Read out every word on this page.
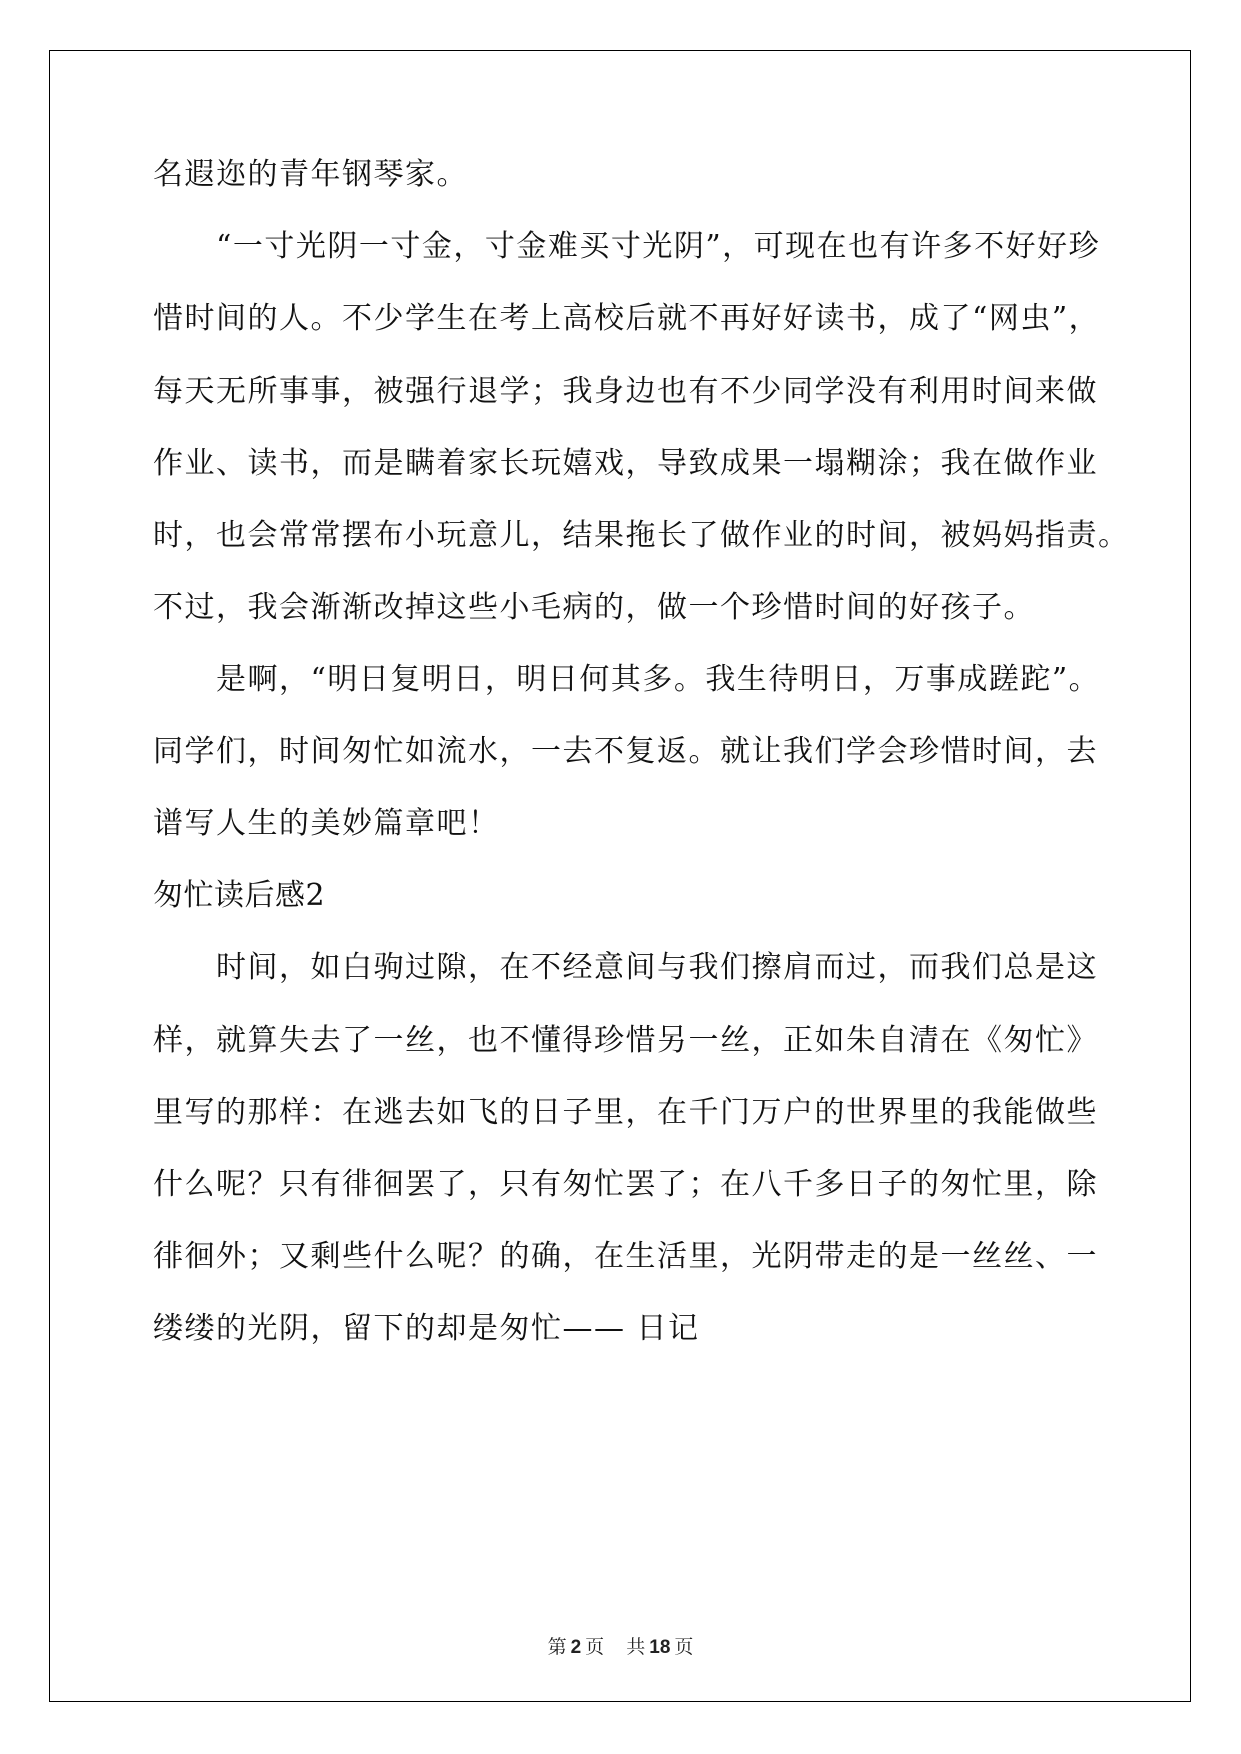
名遐迩的青年钢琴家。
“一寸光阴一寸金，寸金难买寸光阴”，可现在也有许多不好好珍
惜时间的人。不少学生在考上高校后就不再好好读书，成了“网虫”，
每天无所事事，被强行退学；我身边也有不少同学没有利用时间来做
作业、读书，而是瞒着家长玩嬉戏，导致成果一塌糊涂；我在做作业
时，也会常常摆布小玩意儿，结果拖长了做作业的时间，被妈妈指责。
不过，我会渐渐改掉这些小毛病的，做一个珍惜时间的好孩子。
是啊，“明日复明日，明日何其多。我生待明日，万事成蹉跎”。
同学们，时间匆忙如流水，一去不复返。就让我们学会珍惜时间，去
谱写人生的美妙篇章吧！
匆忙读后感2
时间，如白驹过隙，在不经意间与我们擦肩而过，而我们总是这
样，就算失去了一丝，也不懂得珍惜另一丝，正如朱自清在《匆忙》
里写的那样：在逃去如飞的日子里，在千门万户的世界里的我能做些
什么呢？只有徘徊罢了，只有匆忙罢了；在八千多日子的匆忙里，除
徘徊外；又剩些什么呢？的确，在生活里，光阴带走的是一丝丝、一
缕缕的光阴，留下的却是匆忙—— 日记
第 2 页 共 18 页
